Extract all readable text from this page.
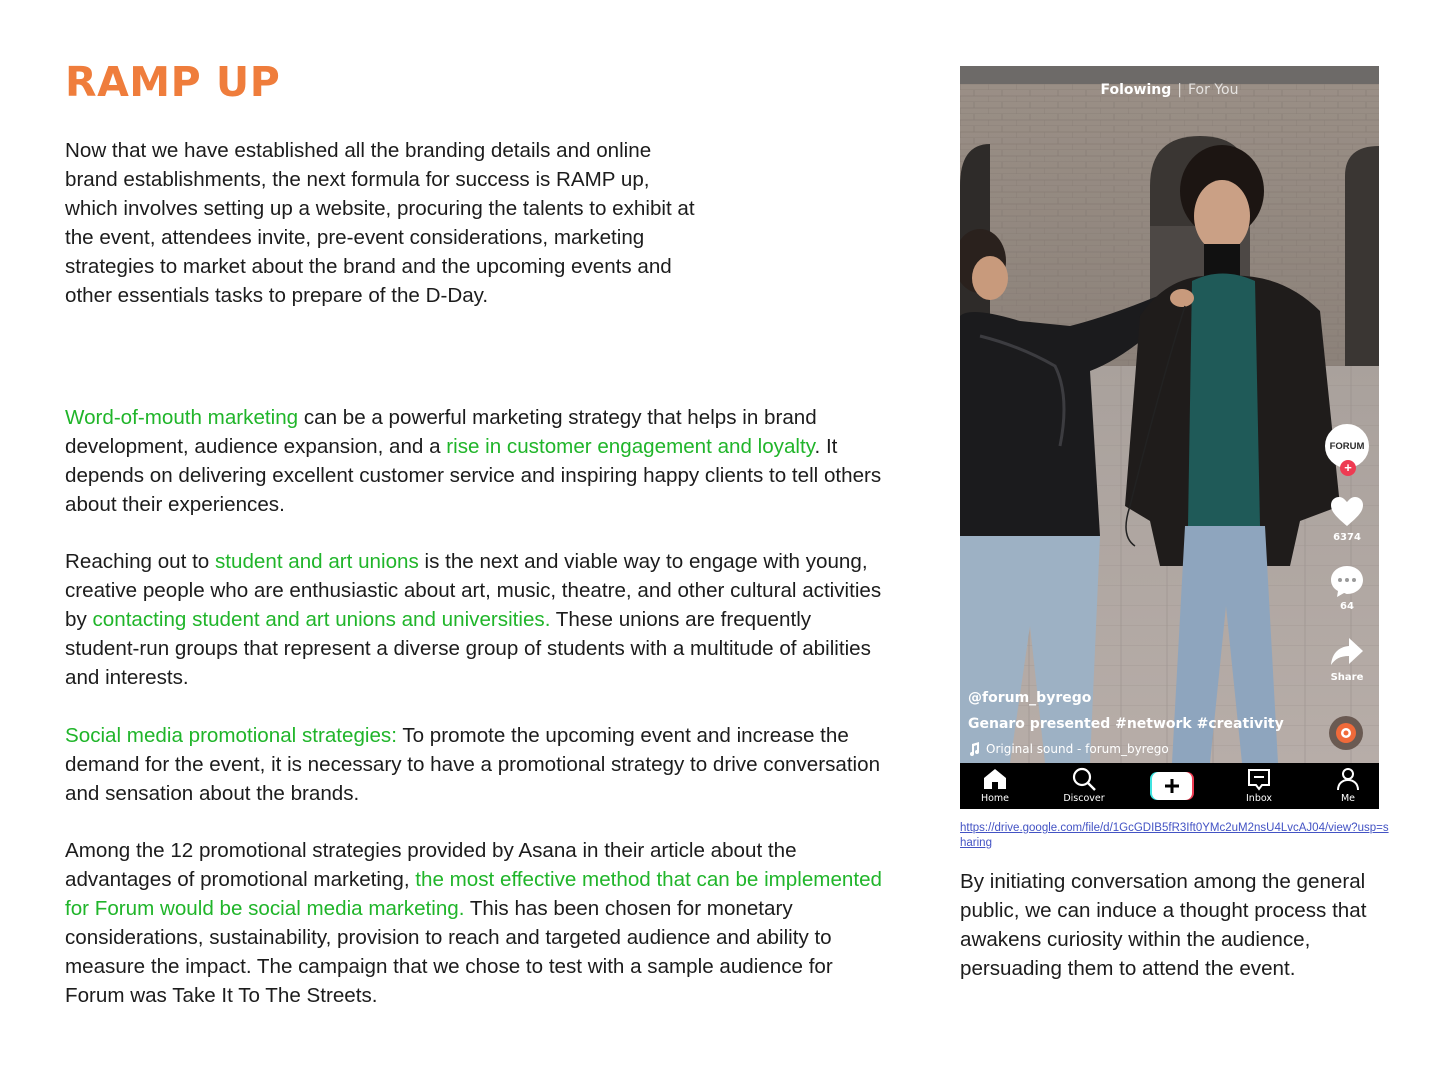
RAMP UP

Now that we have established all the branding details and online brand establishments, the next formula for success is RAMP up, which involves setting up a website, procuring the talents to exhibit at the event, attendees invite, pre-event considerations, marketing strategies to market about the brand and the upcoming events and other essentials tasks to prepare of the D-Day.

Word-of-mouth marketing can be a powerful marketing strategy that helps in brand development, audience expansion, and a rise in customer engagement and loyalty. It depends on delivering excellent customer service and inspiring happy clients to tell others about their experiences.

Reaching out to student and art unions is the next and viable way to engage with young, creative people who are enthusiastic about art, music, theatre, and other cultural activities by contacting student and art unions and universities. These unions are frequently student-run groups that represent a diverse group of students with a multitude of abilities and interests.

Social media promotional strategies: To promote the upcoming event and increase the demand for the event, it is necessary to have a promotional strategy to drive conversation and sensation about the brands.

Among the 12 promotional strategies provided by Asana in their article about the advantages of promotional marketing, the most effective method that can be implemented for Forum would be social media marketing. This has been chosen for monetary considerations, sustainability, provision to reach and targeted audience and ability to measure the impact. The campaign that we chose to test with a sample audience for Forum was Take It To The Streets.

Folowing | For You
FORUM
+
6374
64
Share
@forum_byrego
Genaro presented #network #creativity
Original sound - forum_byrego
Home	Discover	Inbox	Me
https://drive.google.com/file/d/1GcGDIB5fR3Ift0YMc2uM2nsU4LvcAJ04/view?usp=sharing

By initiating conversation among the general public, we can induce a thought process that awakens curiosity within the audience, persuading them to attend the event.
